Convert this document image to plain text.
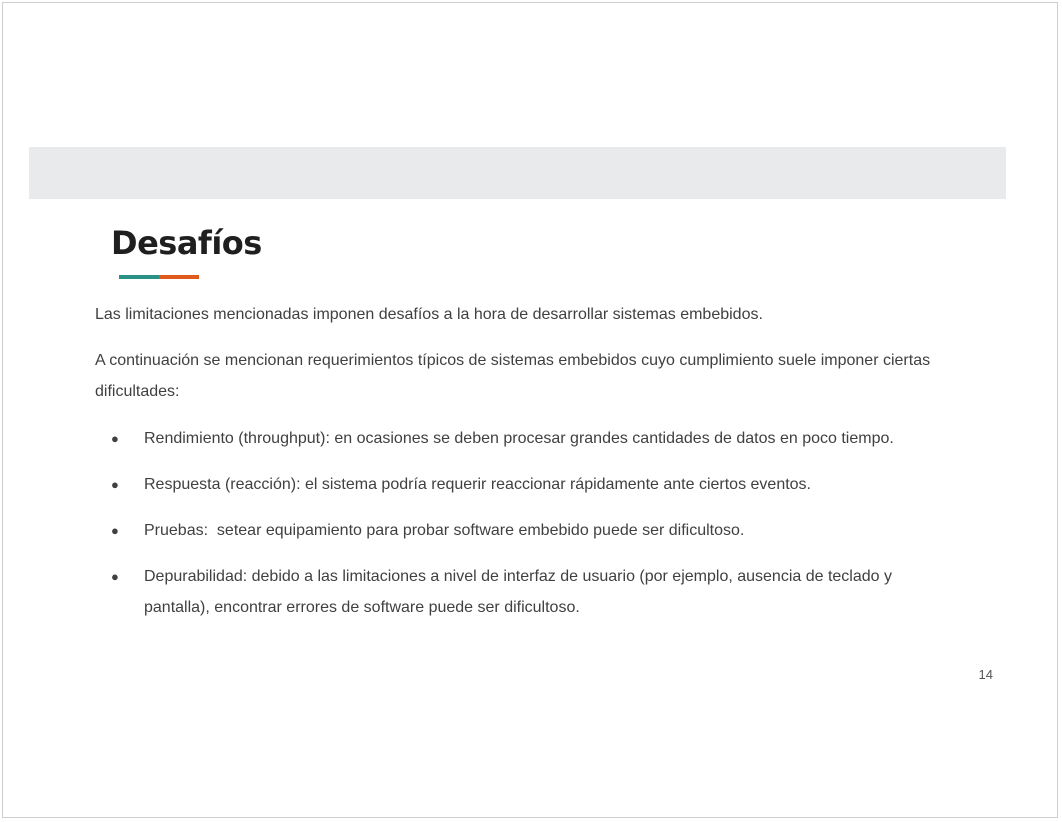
Desafíos

Las limitaciones mencionadas imponen desafíos a la hora de desarrollar sistemas embebidos.

A continuación se mencionan requerimientos típicos de sistemas embebidos cuyo cumplimiento suele imponer ciertas dificultades:

● Rendimiento (throughput): en ocasiones se deben procesar grandes cantidades de datos en poco tiempo.
● Respuesta (reacción): el sistema podría requerir reaccionar rápidamente ante ciertos eventos.
● Pruebas:  setear equipamiento para probar software embebido puede ser dificultoso.
● Depurabilidad: debido a las limitaciones a nivel de interfaz de usuario (por ejemplo, ausencia de teclado y pantalla), encontrar errores de software puede ser dificultoso.
14
